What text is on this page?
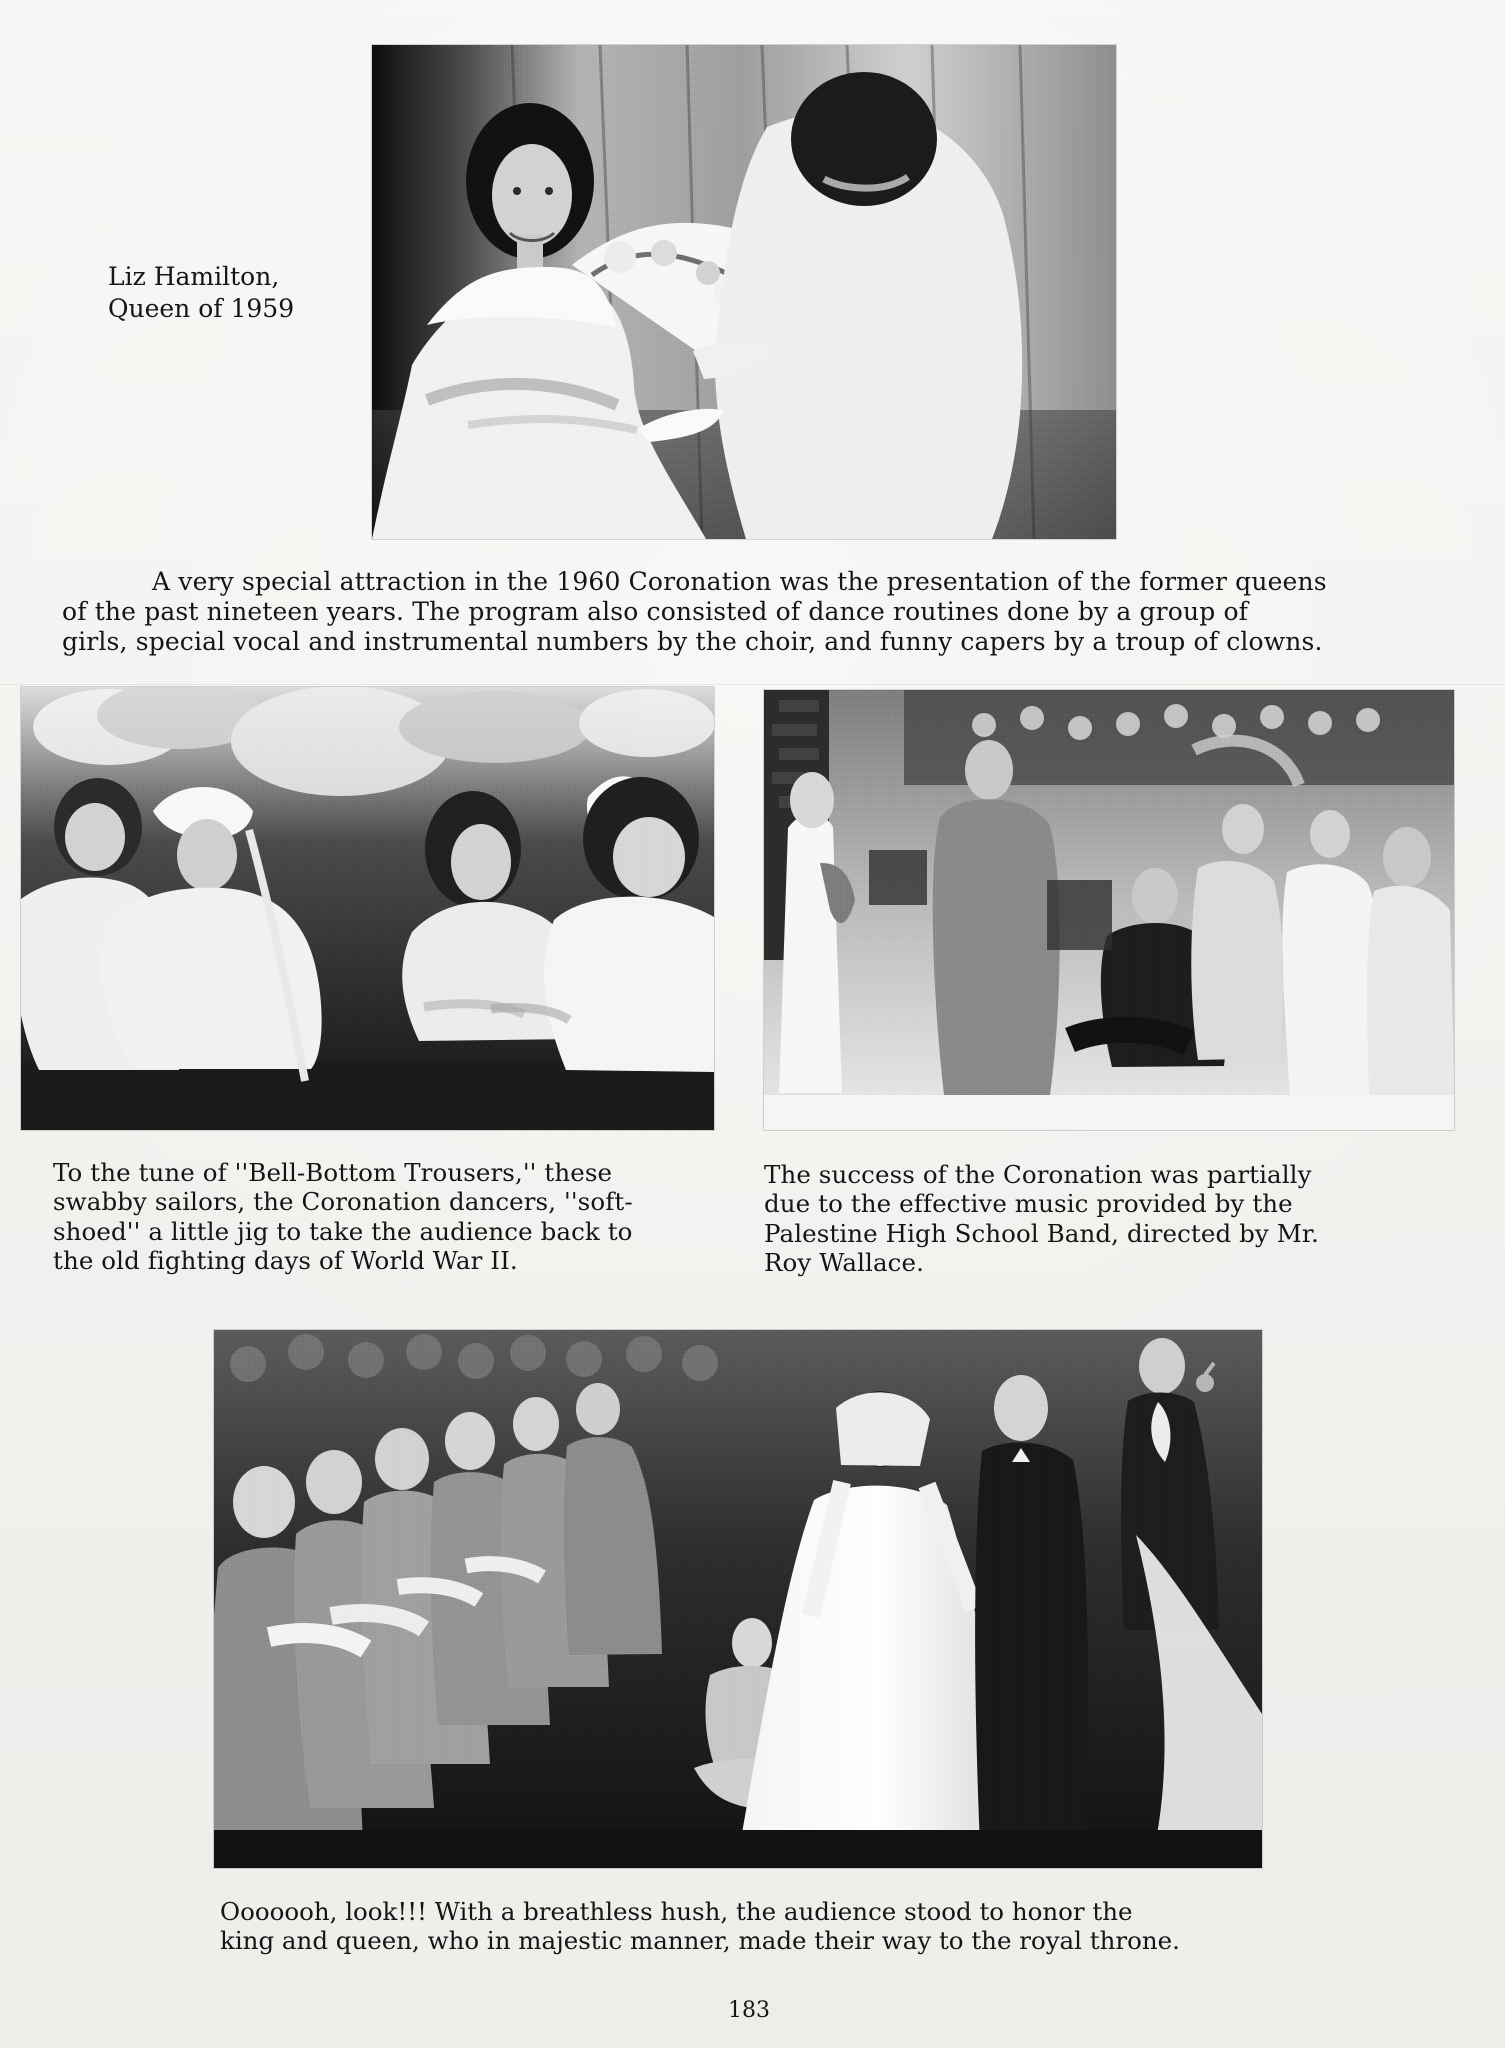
Liz Hamilton,
Queen of 1959
A very special attraction in the 1960 Coronation was the presentation of the former queens
of the past nineteen years. The program also consisted of dance routines done by a group of
girls, special vocal and instrumental numbers by the choir, and funny capers by a troup of clowns.
To the tune of ''Bell-Bottom Trousers,'' these
swabby sailors, the Coronation dancers, ''soft-
shoed'' a little jig to take the audience back to
the old fighting days of World War II.
The success of the Coronation was partially
due to the effective music provided by the
Palestine High School Band, directed by Mr.
Roy Wallace.
Ooooooh, look!!! With a breathless hush, the audience stood to honor the
king and queen, who in majestic manner, made their way to the royal throne.
183
